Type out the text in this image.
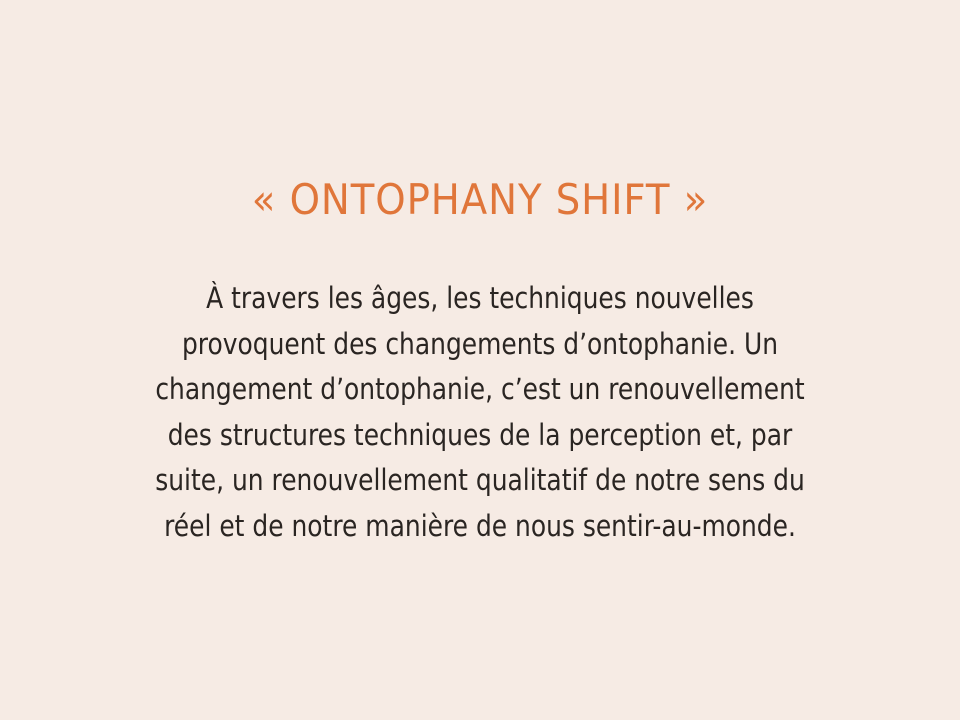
« ONTOPHANY SHIFT »
À travers les âges, les techniques nouvelles
provoquent des changements d’ontophanie. Un
changement d’ontophanie, c’est un renouvellement
des structures techniques de la perception et, par
suite, un renouvellement qualitatif de notre sens du
réel et de notre manière de nous sentir-au-monde.
